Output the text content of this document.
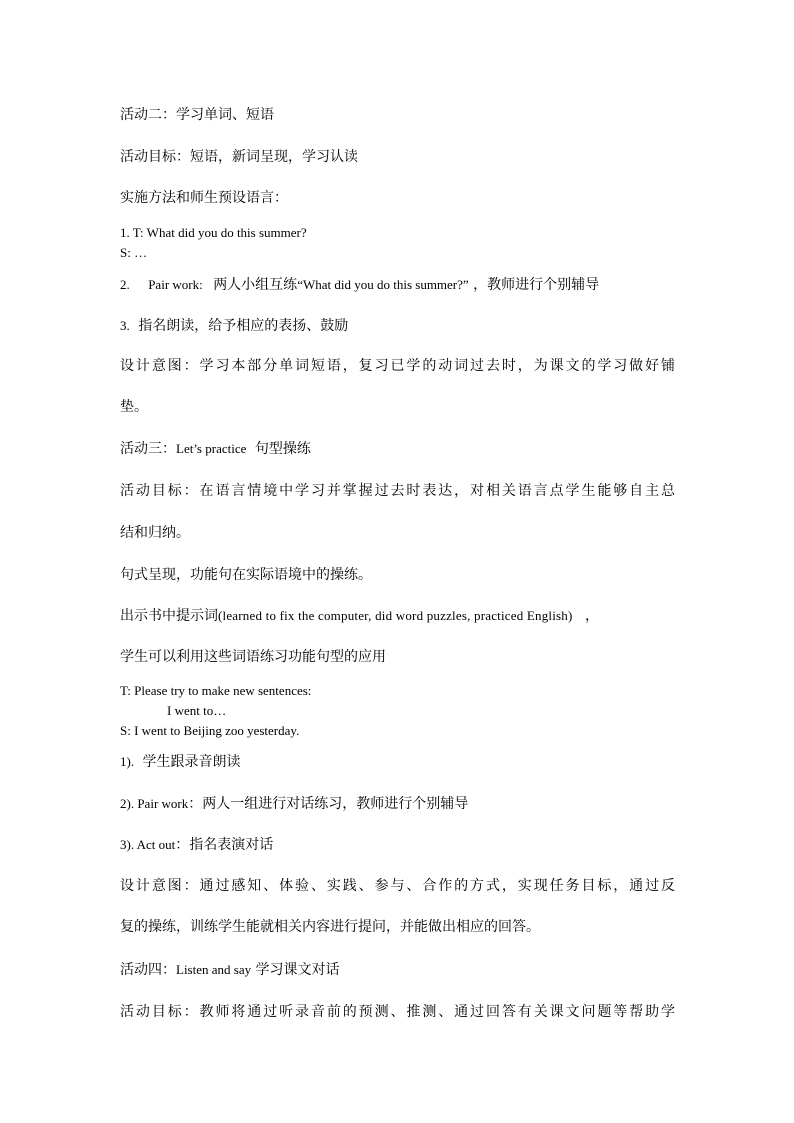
活动二：学习单词、短语
活动目标：短语，新词呈现，学习认读
实施方法和师生预设语言：
1. T: What did you do this summer?
S: …
2. Pair work: 两人小组互练“What did you do this summer?” ，教师进行个别辅导
3. 指名朗读，给予相应的表扬、鼓励
设计意图：学习本部分单词短语，复习已学的动词过去时，为课文的学习做好铺
垫。
活动三：Let’s practice 句型操练
活动目标：在语言情境中学习并掌握过去时表达，对相关语言点学生能够自主总
结和归纳。
句式呈现，功能句在实际语境中的操练。
出示书中提示词(learned to fix the computer, did word puzzles, practiced English) ，
学生可以利用这些词语练习功能句型的应用
T: Please try to make new sentences:
I went to…
S: I went to Beijing zoo yesterday.
1). 学生跟录音朗读
2). Pair work：两人一组进行对话练习，教师进行个别辅导
3). Act out：指名表演对话
设计意图：通过感知、体验、实践、参与、合作的方式，实现任务目标，通过反
复的操练，训练学生能就相关内容进行提问，并能做出相应的回答。
活动四：Listen and say 学习课文对话
活动目标：教师将通过听录音前的预测、推测、通过回答有关课文问题等帮助学
